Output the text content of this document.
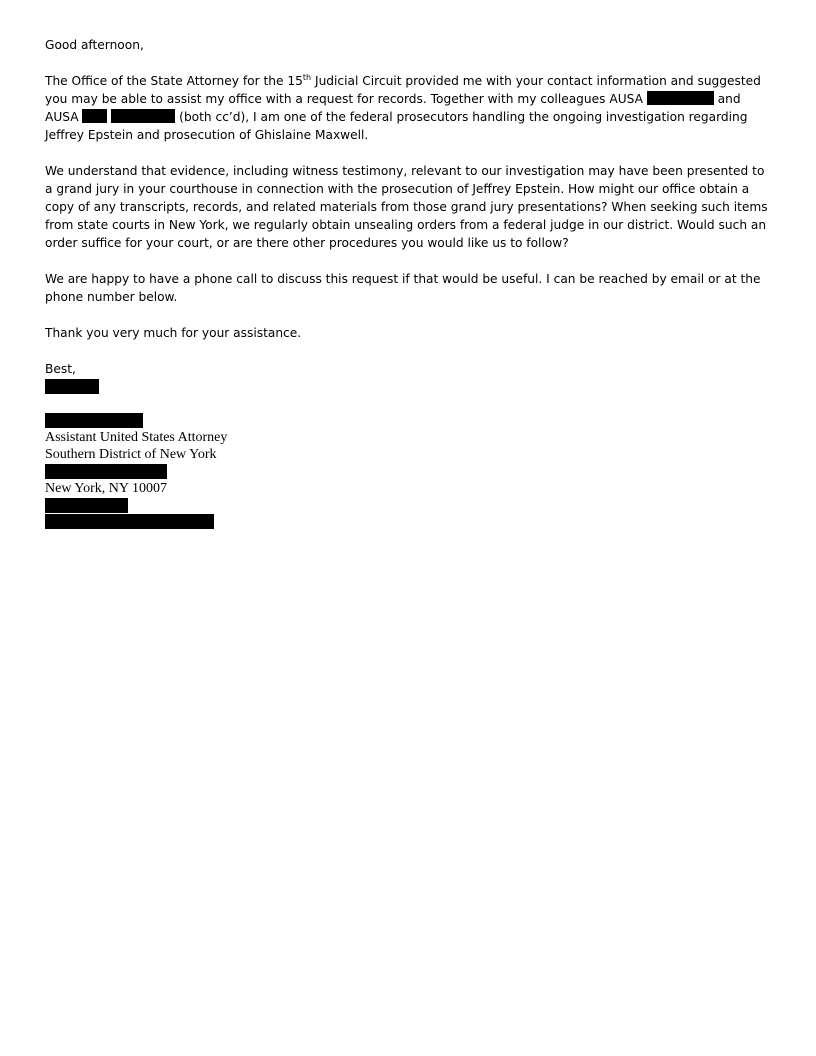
Good afternoon,

The Office of the State Attorney for the 15th Judicial Circuit provided me with your contact information and suggested you may be able to assist my office with a request for records. Together with my colleagues AUSA	and AUSA	(both cc’d), I am one of the federal prosecutors handling the ongoing investigation regarding Jeffrey Epstein and prosecution of Ghislaine Maxwell.

We understand that evidence, including witness testimony, relevant to our investigation may have been presented to a grand jury in your courthouse in connection with the prosecution of Jeffrey Epstein. How might our office obtain a copy of any transcripts, records, and related materials from those grand jury presentations? When seeking such items from state courts in New York, we regularly obtain unsealing orders from a federal judge in our district. Would such an order suffice for your court, or are there other procedures you would like us to follow?

We are happy to have a phone call to discuss this request if that would be useful. I can be reached by email or at the phone number below.

Thank you very much for your assistance.

Best,

Assistant United States Attorney

Southern District of New York

New York, NY 10007
